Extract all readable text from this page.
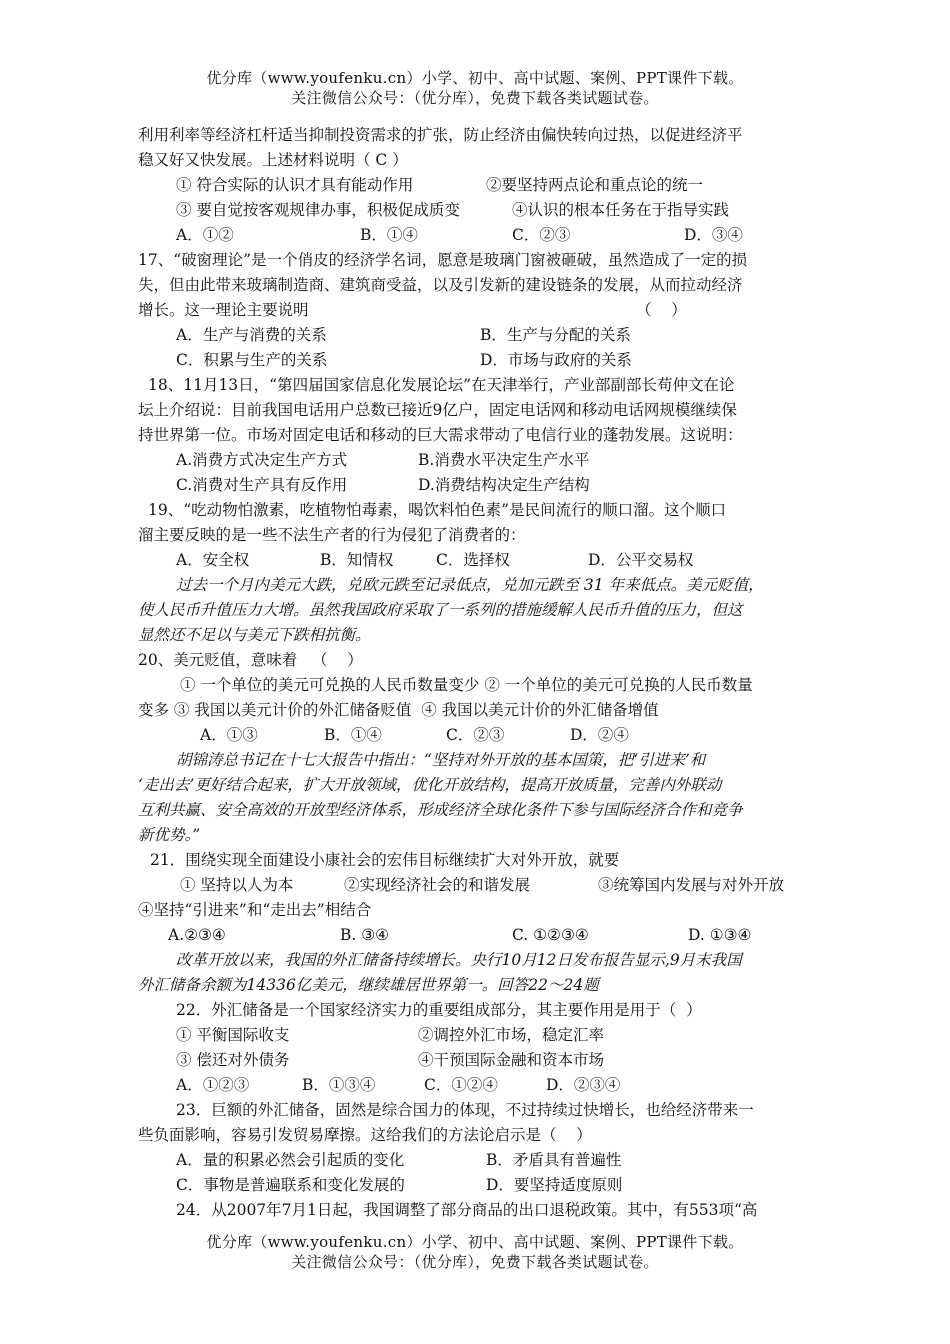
优分库（www.youfenku.cn）小学、初中、高中试题、案例、PPT课件下载。
关注微信公众号：（优分库），免费下载各类试题试卷。
利用利率等经济杠杆适当抑制投资需求的扩张，防止经济由偏快转向过热，以促进经济平
稳又好又快发展。上述材料说明（ C ）
① 符合实际的认识才具有能动作用	②要坚持两点论和重点论的统一
③ 要自觉按客观规律办事，积极促成质变	④认识的根本任务在于指导实践
A．①②	B．①④	C．②③	D．③④
17、“破窗理论”是一个俏皮的经济学名词，愿意是玻璃门窗被砸破，虽然造成了一定的损
失，但由此带来玻璃制造商、建筑商受益，以及引发新的建设链条的发展，从而拉动经济
增长。这一理论主要说明	（    ）
A．生产与消费的关系	B．生产与分配的关系
C．积累与生产的关系	D．市场与政府的关系
18、11月13日，“第四届国家信息化发展论坛”在天津举行，产业部副部长苟仲文在论
坛上介绍说：目前我国电话用户总数已接近9亿户，固定电话网和移动电话网规模继续保
持世界第一位。市场对固定电话和移动的巨大需求带动了电信行业的蓬勃发展。这说明：
A.消费方式决定生产方式	B.消费水平决定生产水平
C.消费对生产具有反作用	D.消费结构决定生产结构
19、“吃动物怕激素，吃植物怕毒素，喝饮料怕色素”是民间流行的顺口溜。这个顺口
溜主要反映的是一些不法生产者的行为侵犯了消费者的：
A．安全权	B．知情权	C．选择权	D．公平交易权
过去一个月内美元大跌，兑欧元跌至记录低点，兑加元跌至 31 年来低点。美元贬值，
使人民币升值压力大增。虽然我国政府采取了一系列的措施缓解人民币升值的压力，但这
显然还不足以与美元下跌相抗衡。
20、美元贬值，意味着   （    ）
① 一个单位的美元可兑换的人民币数量变少 ② 一个单位的美元可兑换的人民币数量
变多 ③ 我国以美元计价的外汇储备贬值  ④ 我国以美元计价的外汇储备增值
A．①③	B．①④	C．②③	D．②④
胡锦涛总书记在十七大报告中指出：“坚持对外开放的基本国策，把‘引进来’和
‘走出去’更好结合起来，扩大开放领域，优化开放结构，提高开放质量，完善内外联动
互利共赢、安全高效的开放型经济体系，形成经济全球化条件下参与国际经济合作和竞争
新优势。”
21．围绕实现全面建设小康社会的宏伟目标继续扩大对外开放，就要
① 坚持以人为本	②实现经济社会的和谐发展	③统筹国内发展与对外开放
④坚持“引进来”和“走出去”相结合
A.②③④	B. ③④	C. ①②③④	D. ①③④
改革开放以来，我国的外汇储备持续增长。央行10月12日发布报告显示,9月末我国
外汇储备余额为14336亿美元，继续雄居世界第一。回答22～24题
22．外汇储备是一个国家经济实力的重要组成部分，其主要作用是用于（  ）
① 平衡国际收支	②调控外汇市场，稳定汇率
③ 偿还对外债务	④干预国际金融和资本市场
A．①②③	B．①③④	C．①②④	D．②③④
23．巨额的外汇储备，固然是综合国力的体现，不过持续过快增长，也给经济带来一
些负面影响，容易引发贸易摩擦。这给我们的方法论启示是（    ）
A．量的积累必然会引起质的变化	B．矛盾具有普遍性
C．事物是普遍联系和变化发展的	D．要坚持适度原则
24．从2007年7月1日起，我国调整了部分商品的出口退税政策。其中，有553项“高
优分库（www.youfenku.cn）小学、初中、高中试题、案例、PPT课件下载。
关注微信公众号：（优分库），免费下载各类试题试卷。
